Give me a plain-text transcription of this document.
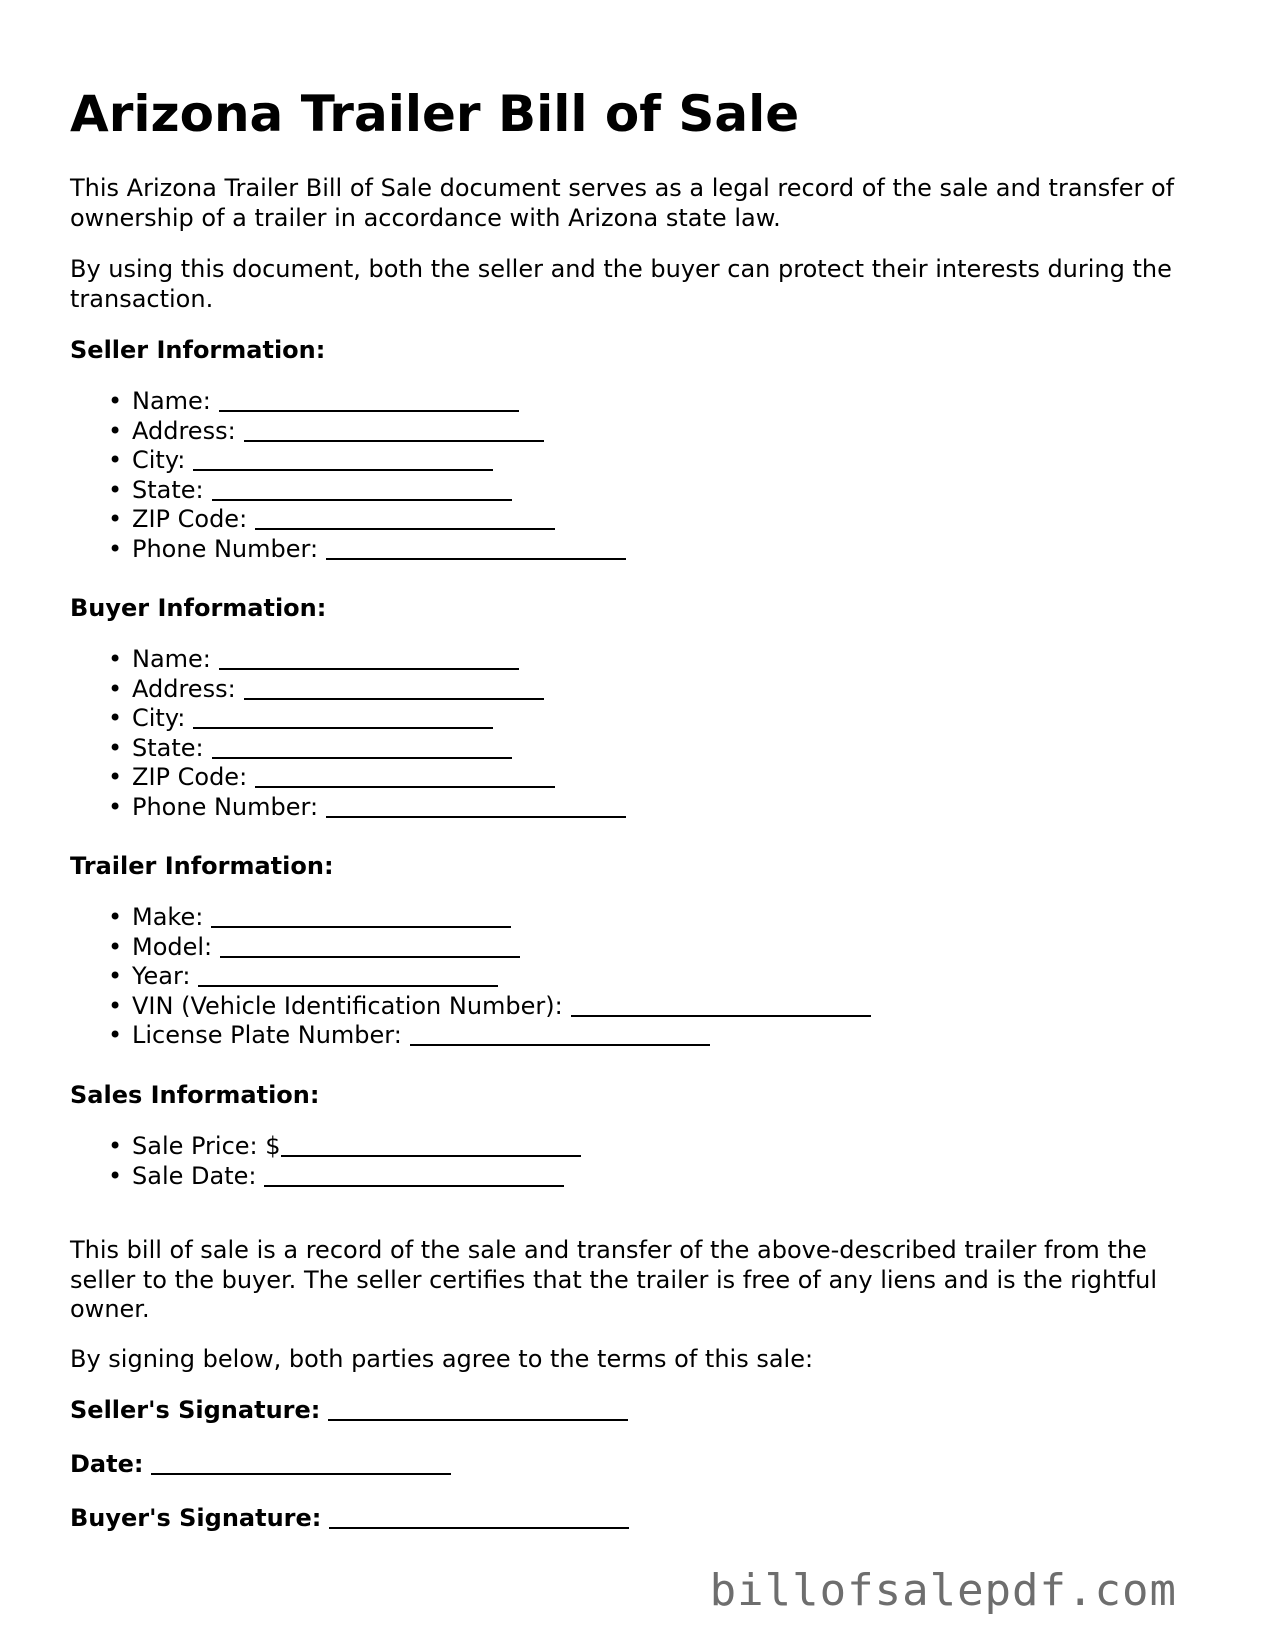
Arizona Trailer Bill of Sale

This Arizona Trailer Bill of Sale document serves as a legal record of the sale and transfer of ownership of a trailer in accordance with Arizona state law.

By using this document, both the seller and the buyer can protect their interests during the transaction.

Seller Information:
• Name:
• Address:
• City:
• State:
• ZIP Code:
• Phone Number:
Buyer Information:
• Name:
• Address:
• City:
• State:
• ZIP Code:
• Phone Number:
Trailer Information:
• Make:
• Model:
• Year:
• VIN (Vehicle Identification Number):
• License Plate Number:
Sales Information:
• Sale Price: $
• Sale Date:

This bill of sale is a record of the sale and transfer of the above-described trailer from the seller to the buyer. The seller certifies that the trailer is free of any liens and is the rightful owner.

By signing below, both parties agree to the terms of this sale:

Seller's Signature:
Date:
Buyer's Signature:
billofsalepdf.com
